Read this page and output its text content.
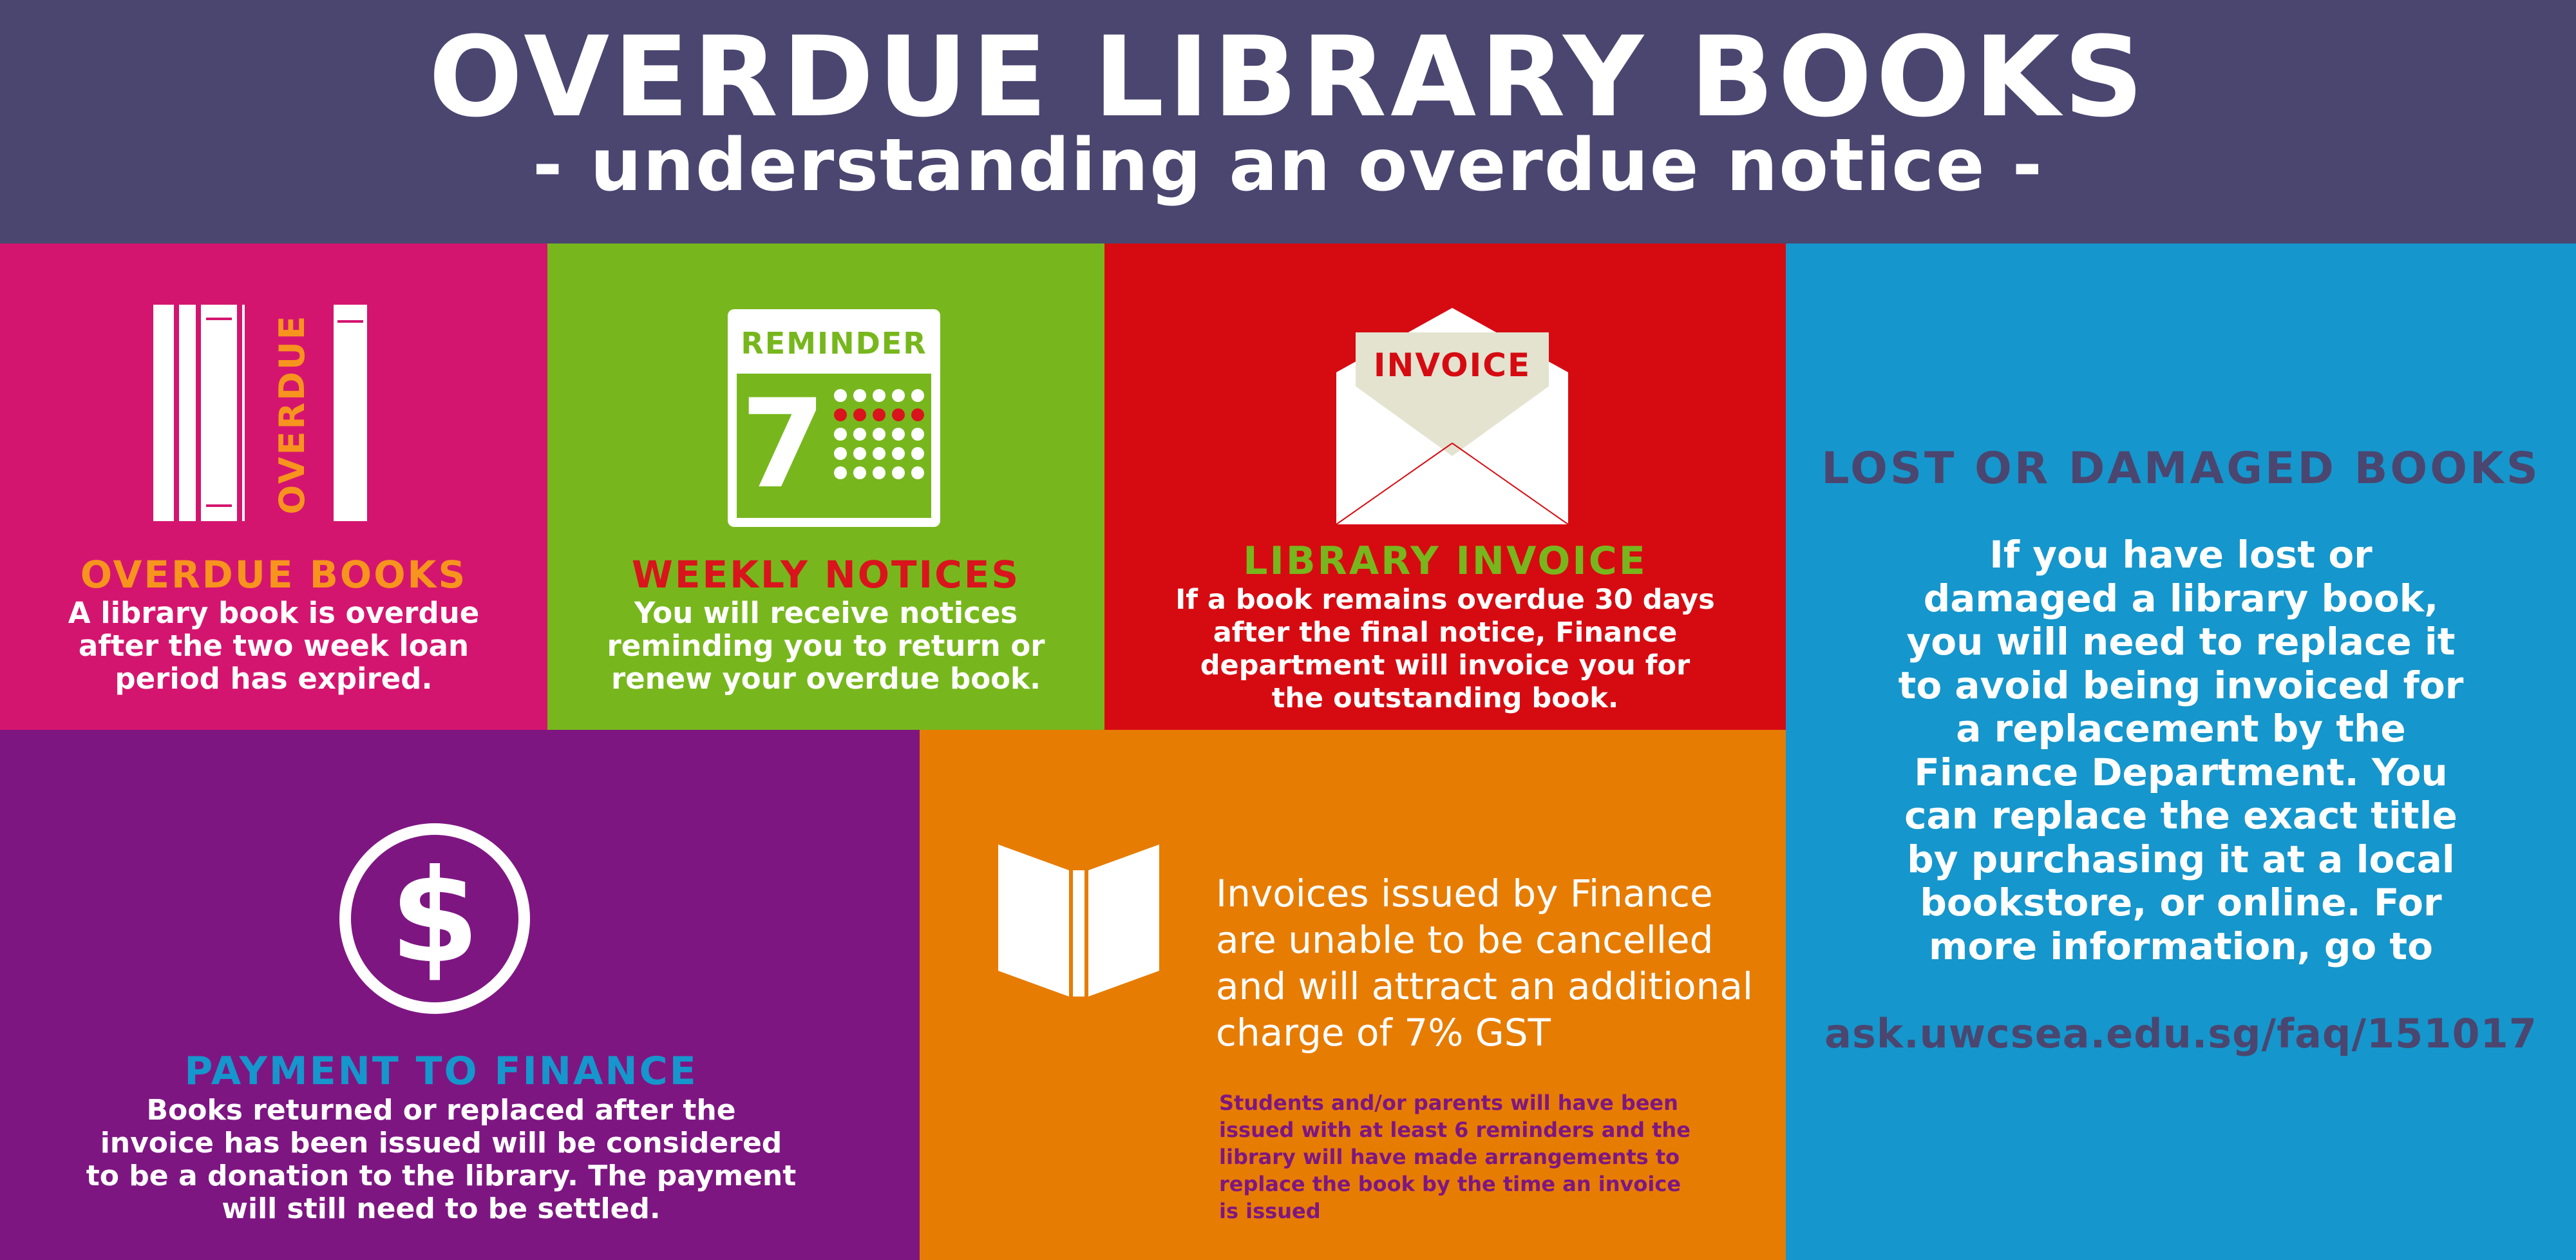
OVERDUE LIBRARY BOOKS
- understanding an overdue notice -
OVERDUE
OVERDUE BOOKS
A library book is overdue
after the two week loan
period has expired.
REMINDER
7
WEEKLY NOTICES
You will receive notices
reminding you to return or
renew your overdue book.
INVOICE
LIBRARY INVOICE
If a book remains overdue 30 days
after the final notice, Finance
department will invoice you for
the outstanding book.
LOST OR DAMAGED BOOKS
If you have lost or
damaged a library book,
you will need to replace it
to avoid being invoiced for
a replacement by the
Finance Department. You
can replace the exact title
by purchasing it at a local
bookstore, or online. For
more information, go to
ask.uwcsea.edu.sg/faq/151017
$
PAYMENT TO FINANCE
Books returned or replaced after the
invoice has been issued will be considered
to be a donation to the library. The payment
will still need to be settled.
Invoices issued by Finance
are unable to be cancelled
and will attract an additional
charge of 7% GST
Students and/or parents will have been
issued with at least 6 reminders and the
library will have made arrangements to
replace the book by the time an invoice
is issued
